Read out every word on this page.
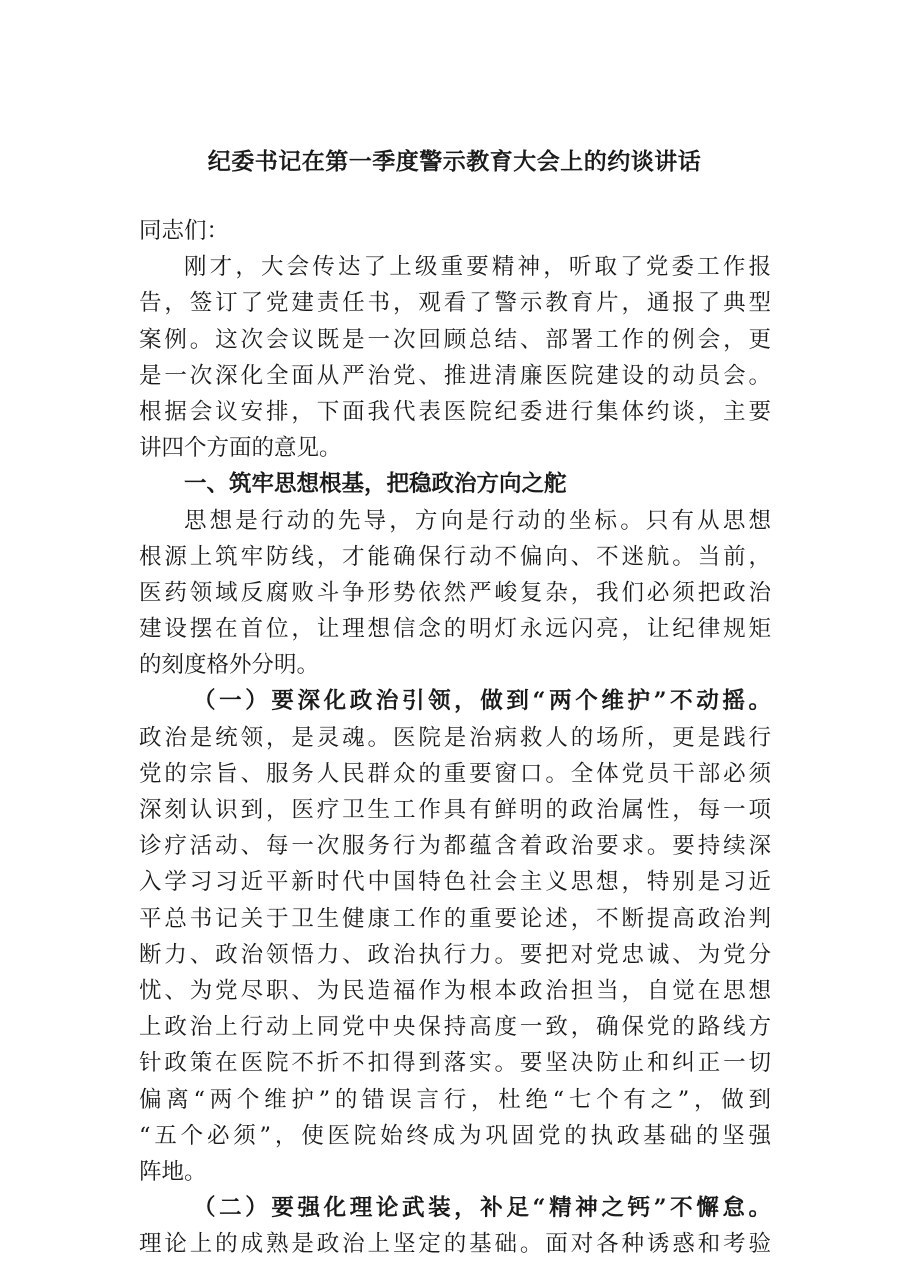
纪委书记在第一季度警示教育大会上的约谈讲话
同志们：
刚才，大会传达了上级重要精神，听取了党委工作报
告，签订了党建责任书，观看了警示教育片，通报了典型
案例。这次会议既是一次回顾总结、部署工作的例会，更
是一次深化全面从严治党、推进清廉医院建设的动员会。
根据会议安排，下面我代表医院纪委进行集体约谈，主要
讲四个方面的意见。
一、筑牢思想根基，把稳政治方向之舵
思想是行动的先导，方向是行动的坐标。只有从思想
根源上筑牢防线，才能确保行动不偏向、不迷航。当前，
医药领域反腐败斗争形势依然严峻复杂，我们必须把政治
建设摆在首位，让理想信念的明灯永远闪亮，让纪律规矩
的刻度格外分明。
（一）要深化政治引领，做到“两个维护”不动摇。
政治是统领，是灵魂。医院是治病救人的场所，更是践行
党的宗旨、服务人民群众的重要窗口。全体党员干部必须
深刻认识到，医疗卫生工作具有鲜明的政治属性，每一项
诊疗活动、每一次服务行为都蕴含着政治要求。要持续深
入学习习近平新时代中国特色社会主义思想，特别是习近
平总书记关于卫生健康工作的重要论述，不断提高政治判
断力、政治领悟力、政治执行力。要把对党忠诚、为党分
忧、为党尽职、为民造福作为根本政治担当，自觉在思想
上政治上行动上同党中央保持高度一致，确保党的路线方
针政策在医院不折不扣得到落实。要坚决防止和纠正一切
偏离“两个维护”的错误言行，杜绝“七个有之”，做到
“五个必须”，使医院始终成为巩固党的执政基础的坚强
阵地。
（二）要强化理论武装，补足“精神之钙”不懈怠。
理论上的成熟是政治上坚定的基础。面对各种诱惑和考验
